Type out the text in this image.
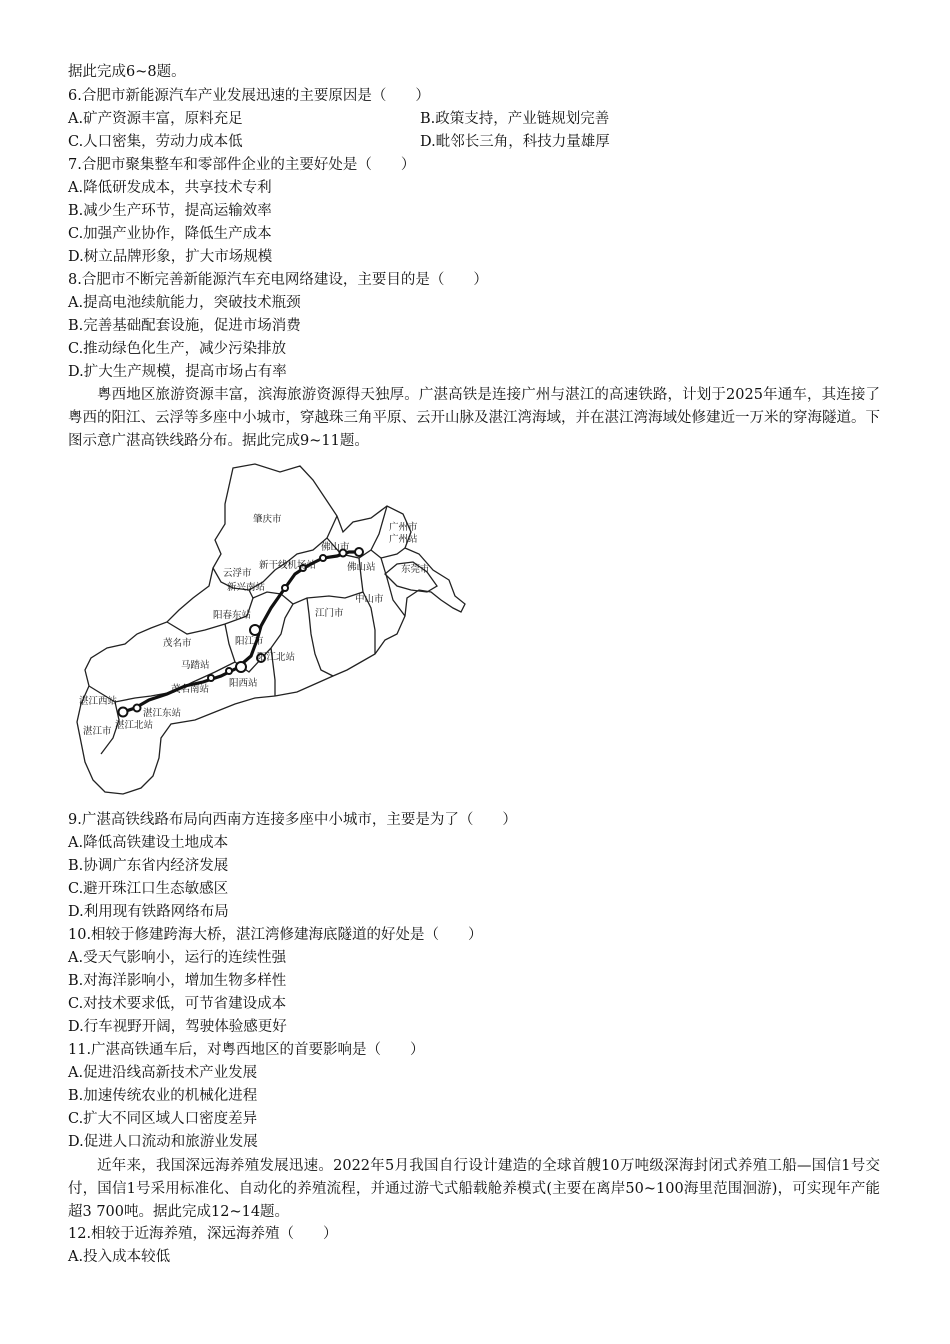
据此完成6~8题。
6.合肥市新能源汽车产业发展迅速的主要原因是（　　）
A.矿产资源丰富，原料充足	B.政策支持，产业链规划完善
C.人口密集，劳动力成本低	D.毗邻长三角，科技力量雄厚
7.合肥市聚集整车和零部件企业的主要好处是（　　）
A.降低研发成本，共享技术专利
B.减少生产环节，提高运输效率
C.加强产业协作，降低生产成本
D.树立品牌形象，扩大市场规模
8.合肥市不断完善新能源汽车充电网络建设，主要目的是（　　）
A.提高电池续航能力，突破技术瓶颈
B.完善基础配套设施，促进市场消费
C.推动绿色化生产，减少污染排放
D.扩大生产规模，提高市场占有率
粤西地区旅游资源丰富，滨海旅游资源得天独厚。广湛高铁是连接广州与湛江的高速铁路，计划于2025年通车，其连接了粤西的阳江、云浮等多座中小城市，穿越珠三角平原、云开山脉及湛江湾海域，并在湛江湾海域处修建近一万米的穿海隧道。下图示意广湛高铁线路分布。据此完成9~11题。
肇庆市
广州市
佛山市
东莞市
云浮市
江门市
中山市
阳江市
茂名市
湛江市
广州站
佛山站
新干线机场站
新兴南站
阳春东站
阳江北站
阳西站
茂名南站
马踏站
湛江西站
湛江东站
湛江北站
9.广湛高铁线路布局向西南方连接多座中小城市，主要是为了（　　）
A.降低高铁建设土地成本
B.协调广东省内经济发展
C.避开珠江口生态敏感区
D.利用现有铁路网络布局
10.相较于修建跨海大桥，湛江湾修建海底隧道的好处是（　　）
A.受天气影响小，运行的连续性强
B.对海洋影响小，增加生物多样性
C.对技术要求低，可节省建设成本
D.行车视野开阔，驾驶体验感更好
11.广湛高铁通车后，对粤西地区的首要影响是（　　）
A.促进沿线高新技术产业发展
B.加速传统农业的机械化进程
C.扩大不同区域人口密度差异
D.促进人口流动和旅游业发展
近年来，我国深远海养殖发展迅速。2022年5月我国自行设计建造的全球首艘10万吨级深海封闭式养殖工船—国信1号交付，国信1号采用标准化、自动化的养殖流程，并通过游弋式船载舱养模式(主要在离岸50~100海里范围洄游)，可实现年产能超3 700吨。据此完成12~14题。
12.相较于近海养殖，深远海养殖（　　）
A.投入成本较低
